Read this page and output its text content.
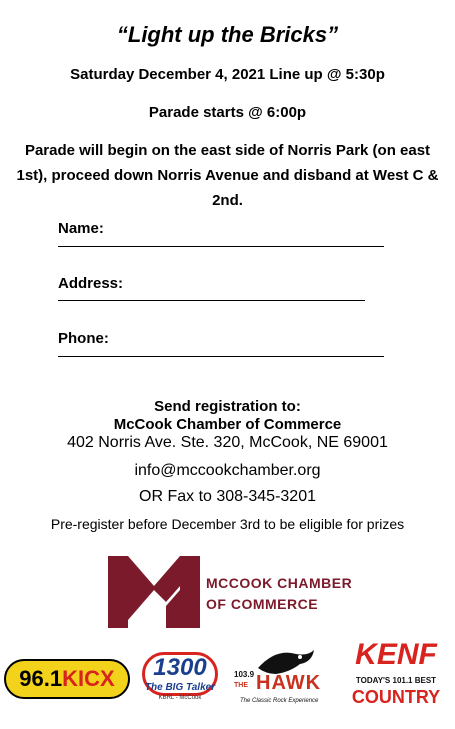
“Light up the Bricks”
Saturday December 4, 2021 Line up @ 5:30p
Parade starts @ 6:00p
Parade will begin on the east side of Norris Park (on east 1st), proceed down Norris Avenue and disband at West C & 2nd.
Name:
Address:
Phone:
Send registration to:
McCook Chamber of Commerce
402 Norris Ave. Ste. 320, McCook, NE 69001
info@mccookchamber.org
OR Fax to 308-345-3201
Pre-register before December 3rd to be eligible for prizes
MCCOOK CHAMBER
OF COMMERCE
96.1KICX	1300
The BIG Talker
KBRL - McCook
103.9
THE HAWK
The Classic Rock Experience
KENF
TODAY'S 101.1 BEST
COUNTRY
